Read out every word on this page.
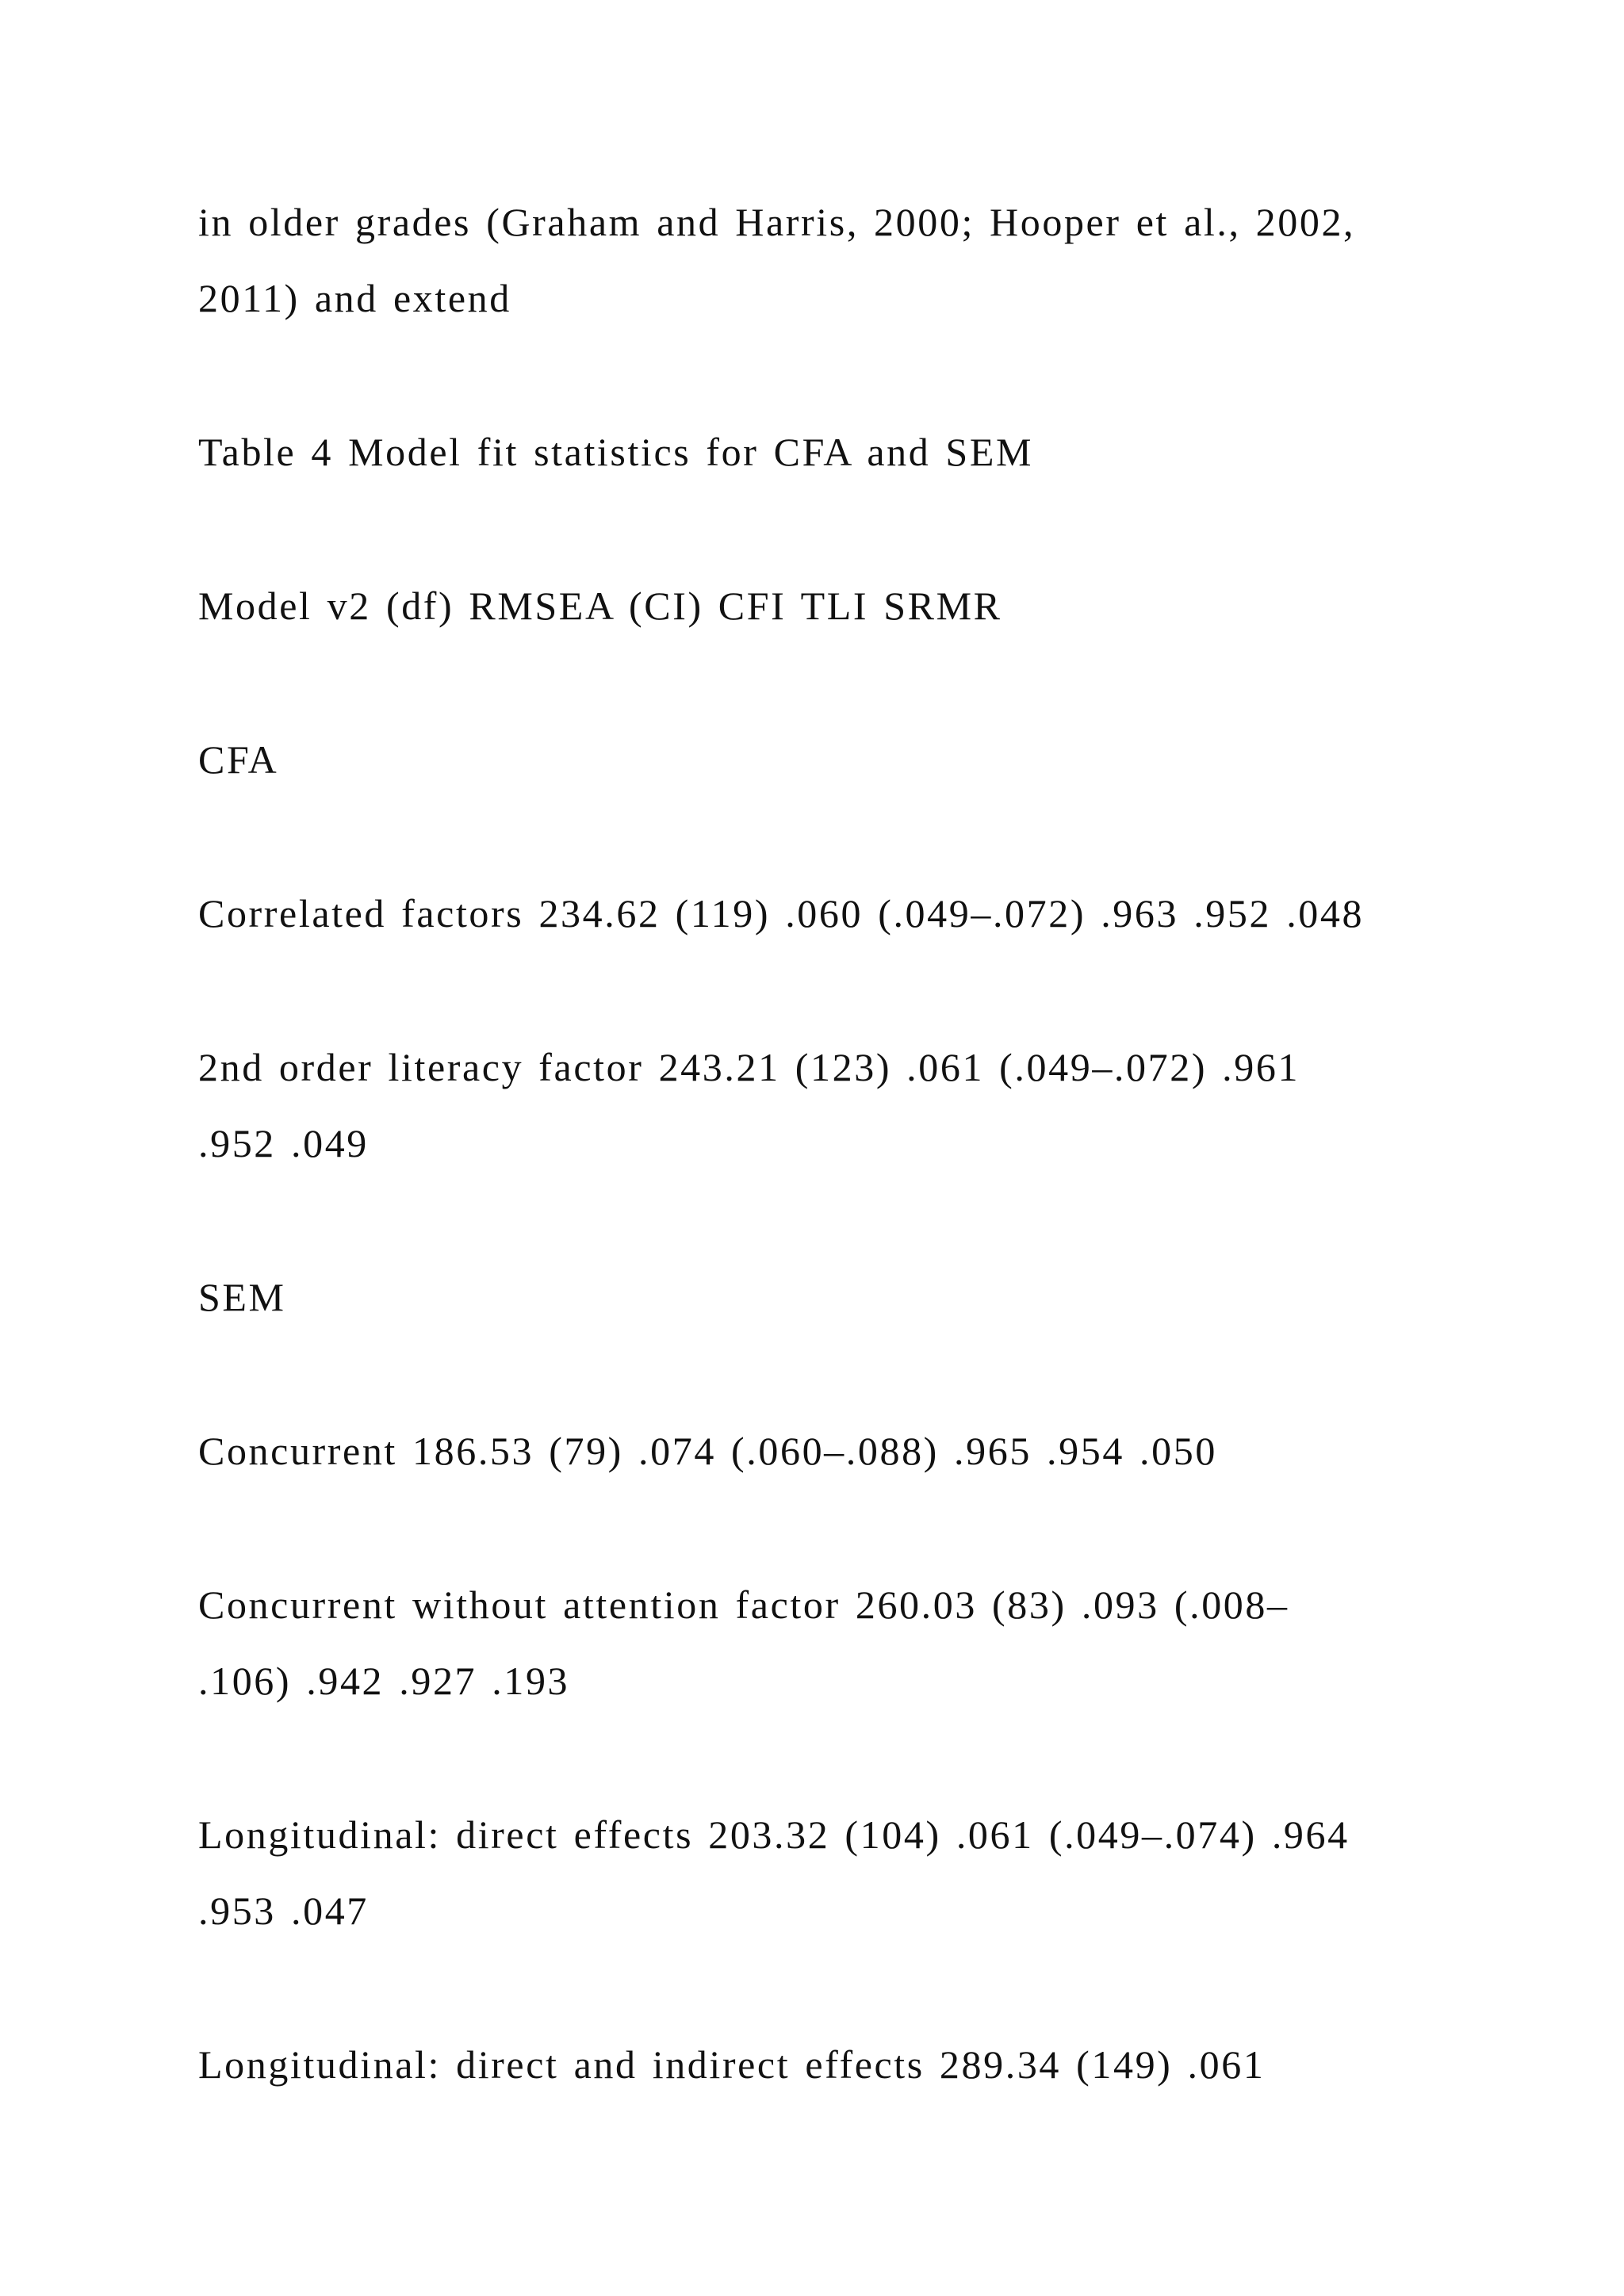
in older grades (Graham and Harris, 2000; Hooper et al., 2002,
2011) and extend

Table 4 Model fit statistics for CFA and SEM

Model v2 (df) RMSEA (CI) CFI TLI SRMR

CFA

Correlated factors 234.62 (119) .060 (.049–.072) .963 .952 .048

2nd order literacy factor 243.21 (123) .061 (.049–.072) .961
.952 .049

SEM

Concurrent 186.53 (79) .074 (.060–.088) .965 .954 .050

Concurrent without attention factor 260.03 (83) .093 (.008–
.106) .942 .927 .193

Longitudinal: direct effects 203.32 (104) .061 (.049–.074) .964
.953 .047

Longitudinal: direct and indirect effects 289.34 (149) .061
